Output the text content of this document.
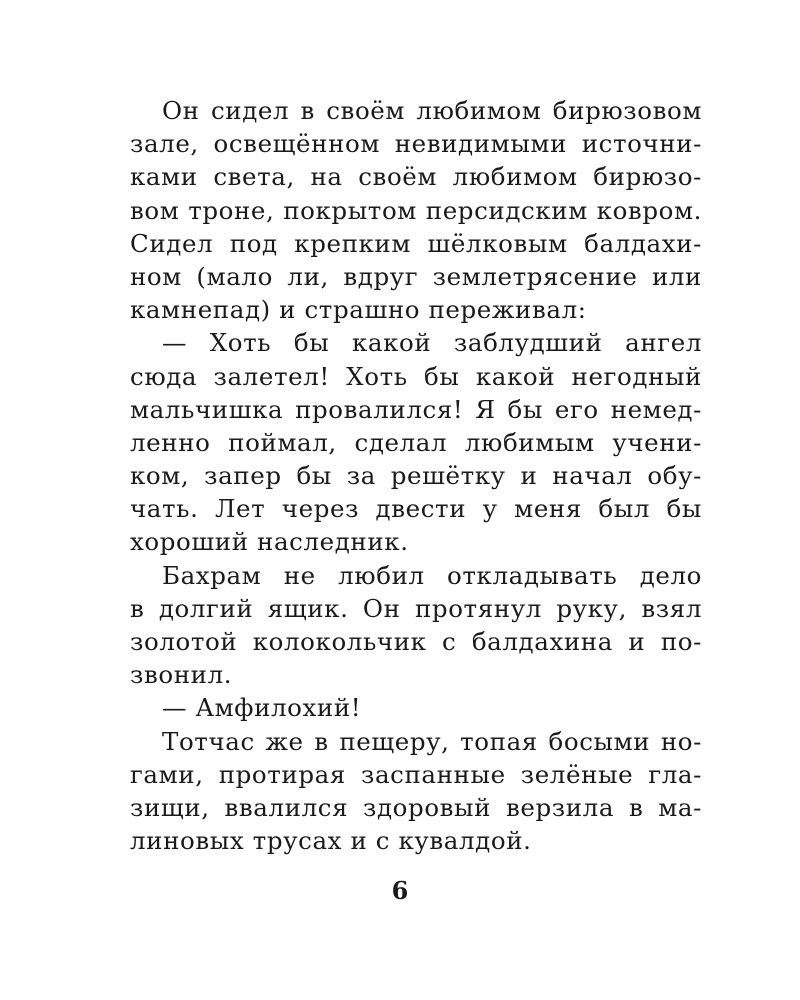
Он сидел в своём любимом бирюзовом
зале, освещённом невидимыми источни-
ками света, на своём любимом бирюзо-
вом троне, покрытом персидским ковром.
Сидел под крепким шёлковым балдахи-
ном (мало ли, вдруг землетрясение или
камнепад) и страшно переживал:
— Хоть бы какой заблудший ангел
сюда залетел! Хоть бы какой негодный
мальчишка провалился! Я бы его немед-
ленно поймал, сделал любимым учени-
ком, запер бы за решётку и начал обу-
чать. Лет через двести у меня был бы
хороший наследник.
Бахрам не любил откладывать дело
в долгий ящик. Он протянул руку, взял
золотой колокольчик с балдахина и по-
звонил.
— Амфилохий!
Тотчас же в пещеру, топая босыми но-
гами, протирая заспанные зелёные гла-
зищи, ввалился здоровый верзила в ма-
линовых трусах и с кувалдой.
6
